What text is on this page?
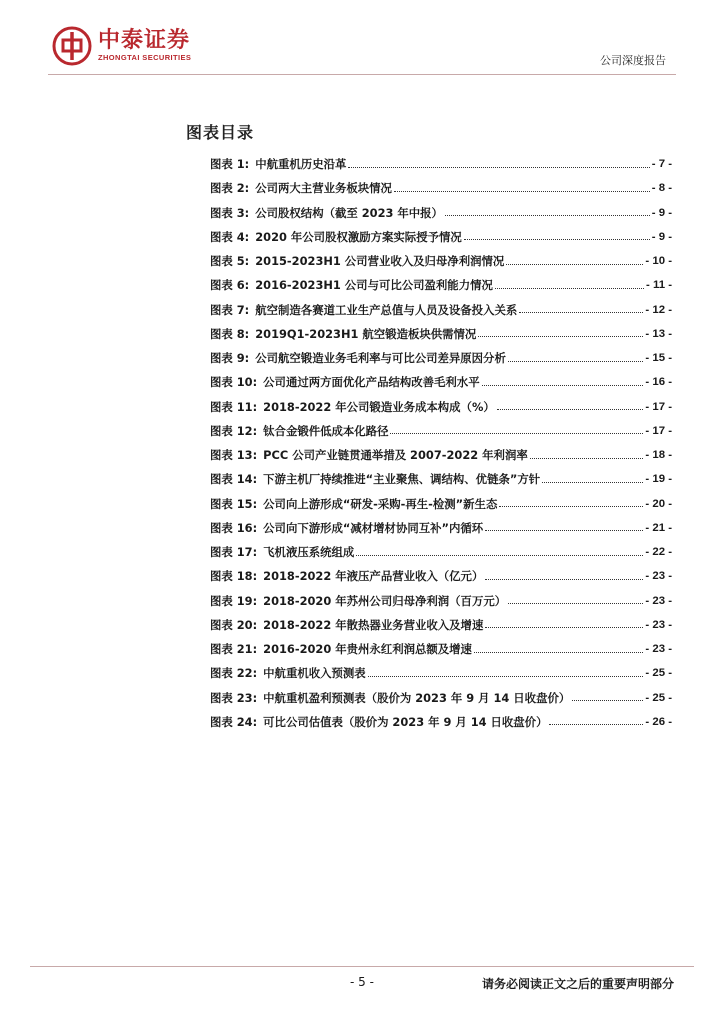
中泰证券
ZHONGTAI SECURITIES	公司深度报告
图表目录
图表 1: 中航重机历史沿革	- 7 -
图表 2: 公司两大主营业务板块情况	- 8 -
图表 3: 公司股权结构（截至 2023 年中报）	- 9 -
图表 4: 2020 年公司股权激励方案实际授予情况	- 9 -
图表 5: 2015-2023H1 公司营业收入及归母净利润情况	- 10 -
图表 6: 2016-2023H1 公司与可比公司盈利能力情况	- 11 -
图表 7: 航空制造各赛道工业生产总值与人员及设备投入关系	- 12 -
图表 8: 2019Q1-2023H1 航空锻造板块供需情况	- 13 -
图表 9: 公司航空锻造业务毛利率与可比公司差异原因分析	- 15 -
图表 10: 公司通过两方面优化产品结构改善毛利水平	- 16 -
图表 11: 2018-2022 年公司锻造业务成本构成（%）	- 17 -
图表 12: 钛合金锻件低成本化路径	- 17 -
图表 13: PCC 公司产业链贯通举措及 2007-2022 年利润率	- 18 -
图表 14: 下游主机厂持续推进“主业聚焦、调结构、优链条”方针	- 19 -
图表 15: 公司向上游形成“研发-采购-再生-检测”新生态	- 20 -
图表 16: 公司向下游形成“减材增材协同互补”内循环	- 21 -
图表 17: 飞机液压系统组成	- 22 -
图表 18: 2018-2022 年液压产品营业收入（亿元）	- 23 -
图表 19: 2018-2020 年苏州公司归母净利润（百万元）	- 23 -
图表 20: 2018-2022 年散热器业务营业收入及增速	- 23 -
图表 21: 2016-2020 年贵州永红利润总额及增速	- 23 -
图表 22: 中航重机收入预测表	- 25 -
图表 23: 中航重机盈利预测表（股价为 2023 年 9 月 14 日收盘价）	- 25 -
图表 24: 可比公司估值表（股价为 2023 年 9 月 14 日收盘价）	- 26 -
- 5 -	请务必阅读正文之后的重要声明部分
